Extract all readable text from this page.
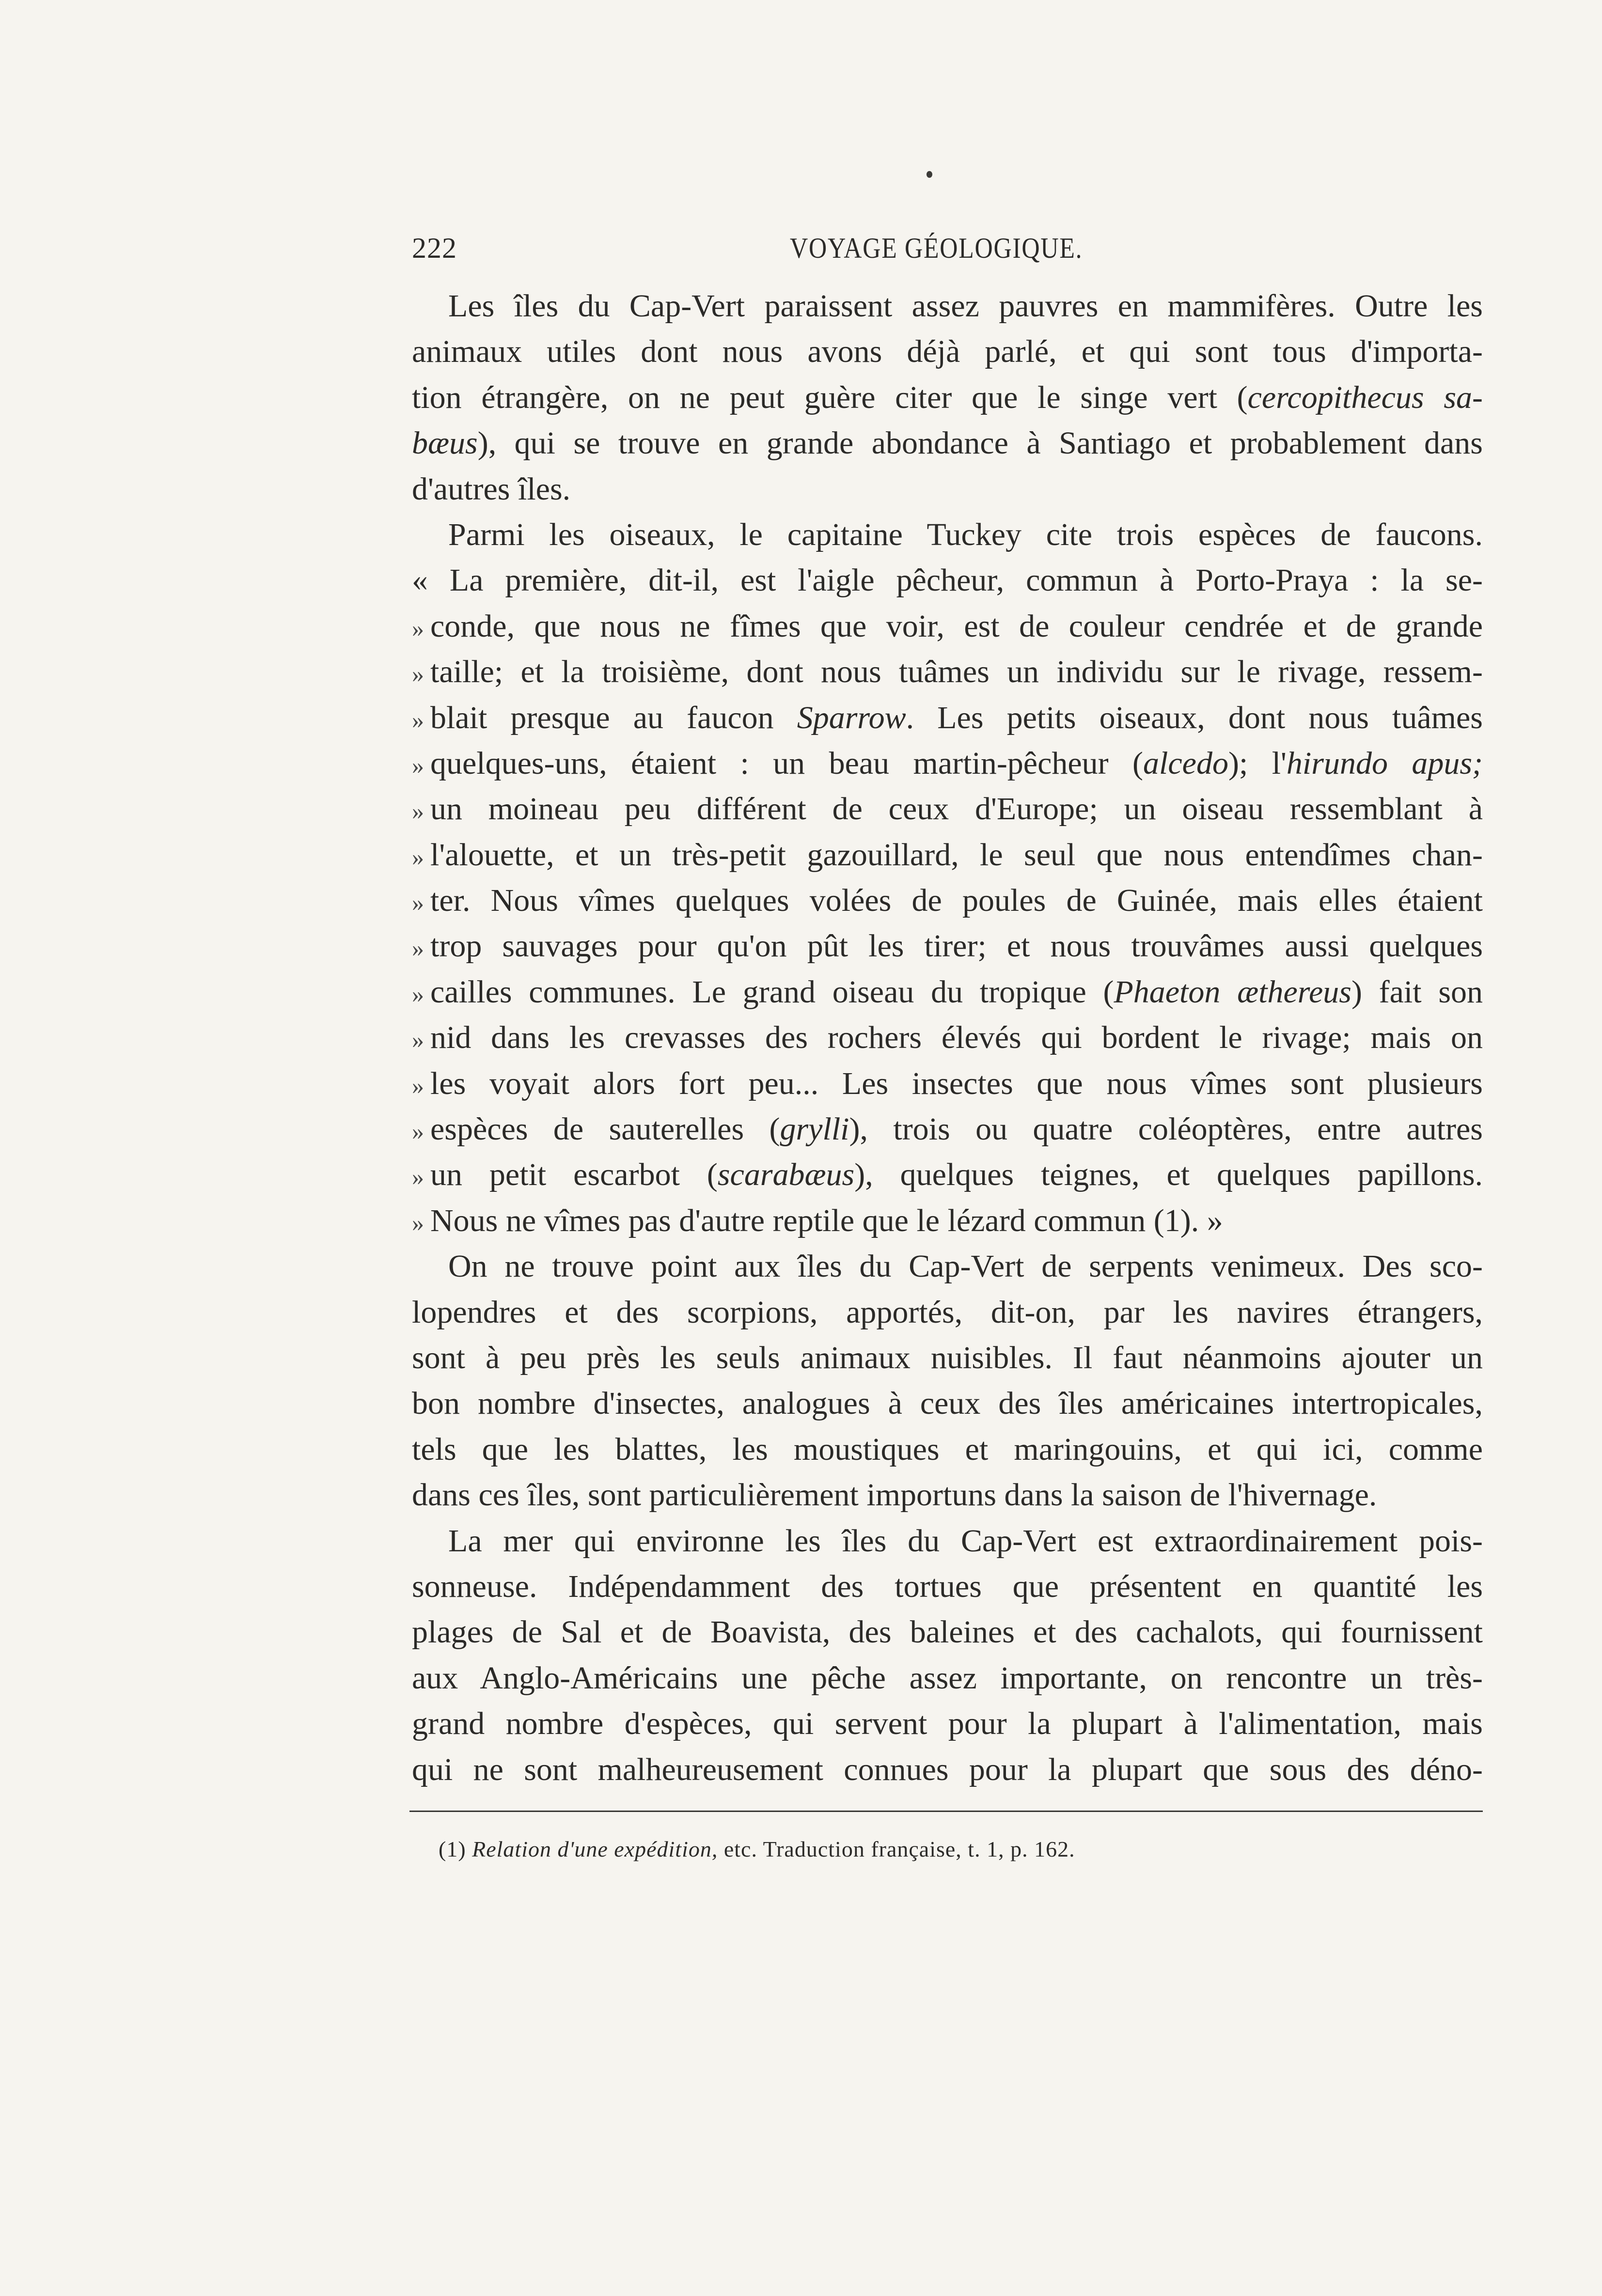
222	VOYAGE GÉOLOGIQUE.
Les îles du Cap-Vert paraissent assez pauvres en mammifères. Outre les
animaux utiles dont nous avons déjà parlé, et qui sont tous d'importa-
tion étrangère, on ne peut guère citer que le singe vert (cercopithecus sa-
bæus), qui se trouve en grande abondance à Santiago et probablement dans
d'autres îles.
Parmi les oiseaux, le capitaine Tuckey cite trois espèces de faucons.
« La première, dit-il, est l'aigle pêcheur, commun à Porto-Praya : la se-
» conde, que nous ne fîmes que voir, est de couleur cendrée et de grande
» taille; et la troisième, dont nous tuâmes un individu sur le rivage, ressem-
» blait presque au faucon Sparrow. Les petits oiseaux, dont nous tuâmes
» quelques-uns, étaient : un beau martin-pêcheur (alcedo); l'hirundo apus;
» un moineau peu différent de ceux d'Europe; un oiseau ressemblant à
» l'alouette, et un très-petit gazouillard, le seul que nous entendîmes chan-
» ter. Nous vîmes quelques volées de poules de Guinée, mais elles étaient
» trop sauvages pour qu'on pût les tirer; et nous trouvâmes aussi quelques
» cailles communes. Le grand oiseau du tropique (Phaeton æthereus) fait son
» nid dans les crevasses des rochers élevés qui bordent le rivage; mais on
» les voyait alors fort peu... Les insectes que nous vîmes sont plusieurs
» espèces de sauterelles (grylli), trois ou quatre coléoptères, entre autres
» un petit escarbot (scarabæus), quelques teignes, et quelques papillons.
» Nous ne vîmes pas d'autre reptile que le lézard commun (1). »
On ne trouve point aux îles du Cap-Vert de serpents venimeux. Des sco-
lopendres et des scorpions, apportés, dit-on, par les navires étrangers,
sont à peu près les seuls animaux nuisibles. Il faut néanmoins ajouter un
bon nombre d'insectes, analogues à ceux des îles américaines intertropicales,
tels que les blattes, les moustiques et maringouins, et qui ici, comme
dans ces îles, sont particulièrement importuns dans la saison de l'hivernage.
La mer qui environne les îles du Cap-Vert est extraordinairement pois-
sonneuse. Indépendamment des tortues que présentent en quantité les
plages de Sal et de Boavista, des baleines et des cachalots, qui fournissent
aux Anglo-Américains une pêche assez importante, on rencontre un très-
grand nombre d'espèces, qui servent pour la plupart à l'alimentation, mais
qui ne sont malheureusement connues pour la plupart que sous des déno-
(1) Relation d'une expédition, etc. Traduction française, t. 1, p. 162.
